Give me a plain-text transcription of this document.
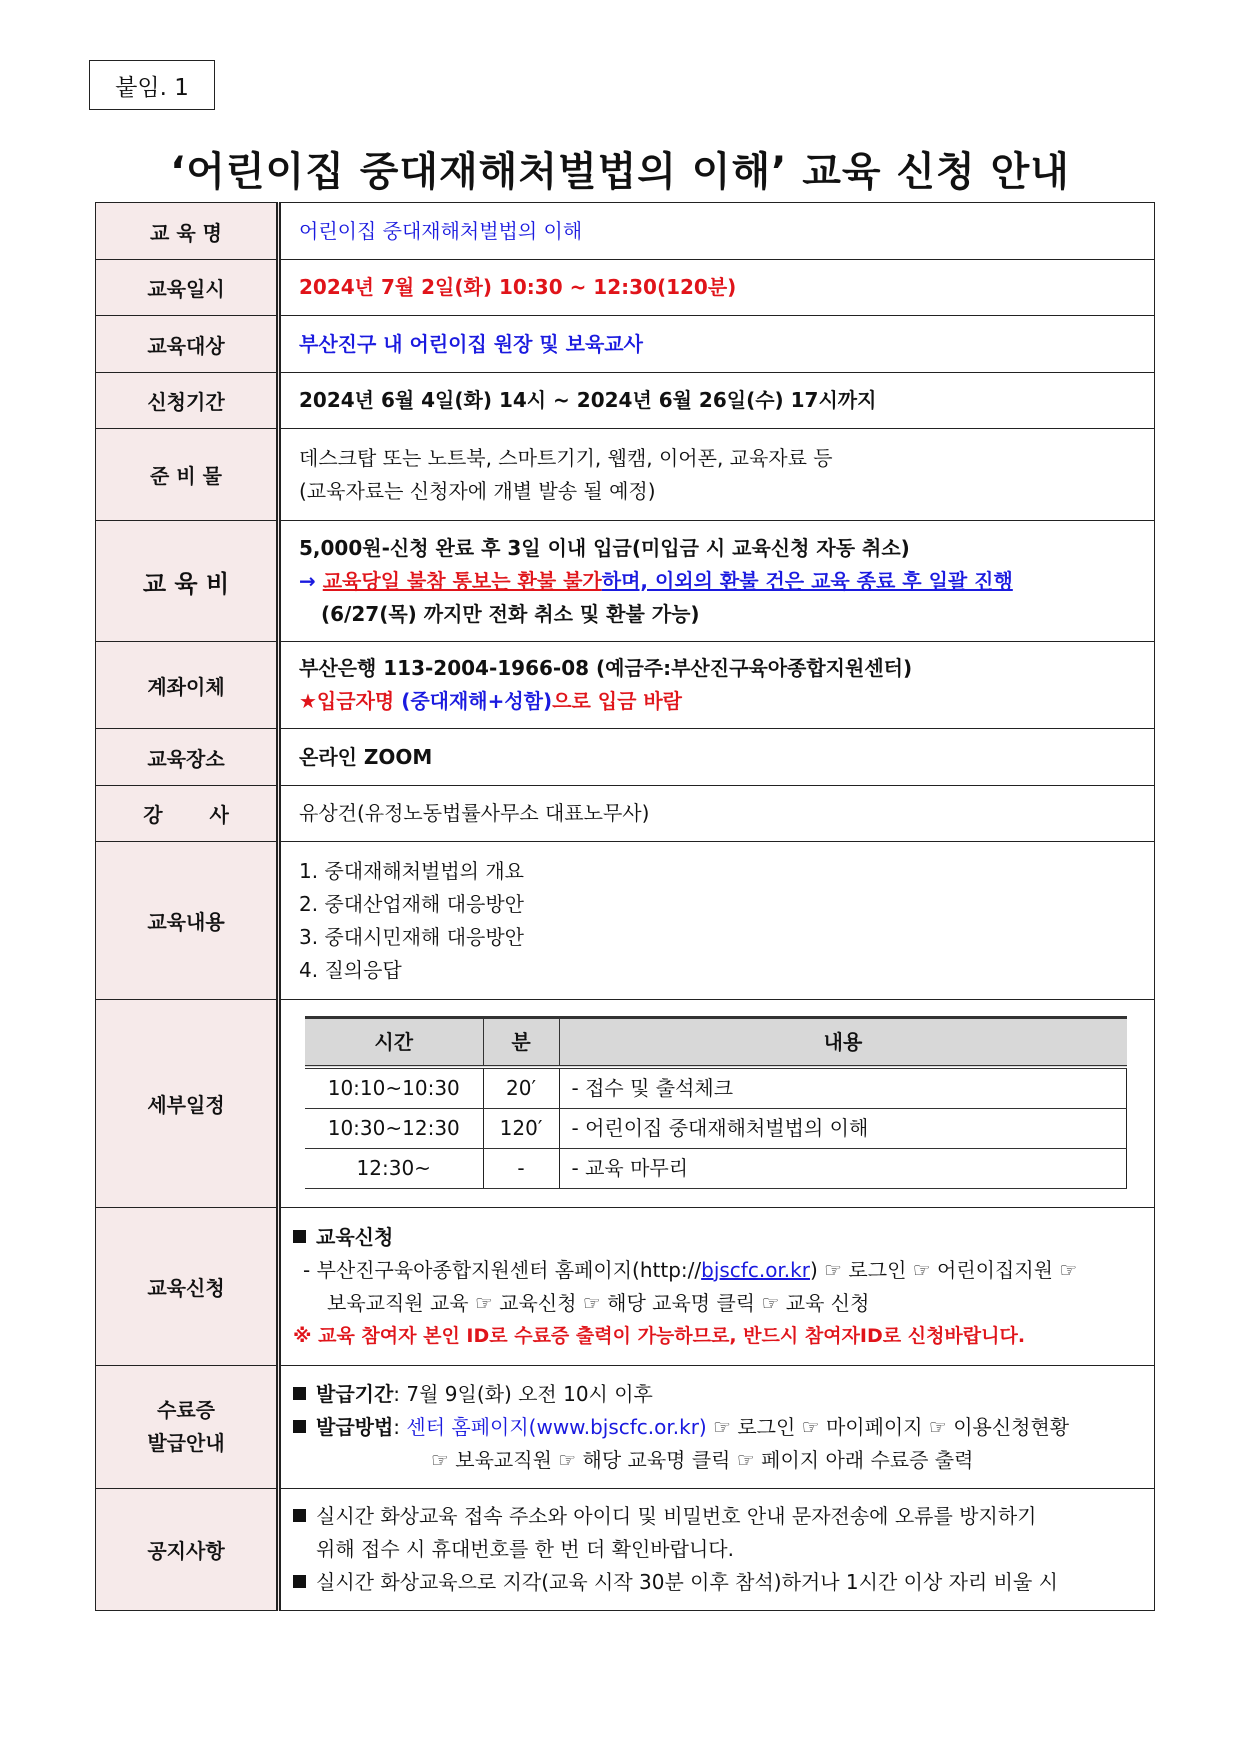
붙임. 1
‘어린이집 중대재해처벌법의 이해’ 교육 신청 안내
교 육 명	어린이집 중대재해처벌법의 이해
교육일시	2024년 7월 2일(화) 10:30 ~ 12:30(120분)
교육대상	부산진구 내 어린이집 원장 및 보육교사
신청기간	2024년 6월 4일(화) 14시 ~ 2024년 6월 26일(수) 17시까지
준 비 물	
데스크탑 또는 노트북, 스마트기기, 웹캠, 이어폰, 교육자료 등
(교육자료는 신청자에 개별 발송 될 예정)

교 육 비	
5,000원-신청 완료 후 3일 이내 입금(미입금 시 교육신청 자동 취소)
→ 교육당일 불참 통보는 환불 불가하며, 이외의 환불 건은 교육 종료 후 일괄 진행
(6/27(목) 까지만 전화 취소 및 환불 가능)

계좌이체	
부산은행 113-2004-1966-08 (예금주:부산진구육아종합지원센터)
★입금자명 (중대재해+성함)으로 입금 바람

교육장소	온라인 ZOOM
강 사	유상건(유정노동법률사무소 대표노무사)
교육내용	
1. 중대재해처벌법의 개요
2. 중대산업재해 대응방안
3. 중대시민재해 대응방안
4. 질의응답

세부일정	
시간	분	내용
10:10~10:30	20′	- 접수 및 출석체크
10:30~12:30	120′	- 어린이집 중대재해처벌법의 이해
12:30~	-	- 교육 마무리

교육신청	
교육신청
- 부산진구육아종합지원센터 홈페이지(http://bjscfc.or.kr) ☞ 로그인 ☞ 어린이집지원 ☞
보육교직원 교육 ☞ 교육신청 ☞ 해당 교육명 클릭 ☞ 교육 신청
※ 교육 참여자 본인 ID로 수료증 출력이 가능하므로, 반드시 참여자ID로 신청바랍니다.

수료증
발급안내

발급기간: 7월 9일(화) 오전 10시 이후
발급방법: 센터 홈페이지(www.bjscfc.or.kr) ☞ 로그인 ☞ 마이페이지 ☞ 이용신청현황
☞ 보육교직원 ☞ 해당 교육명 클릭 ☞ 페이지 아래 수료증 출력

공지사항	
실시간 화상교육 접속 주소와 아이디 및 비밀번호 안내 문자전송에 오류를 방지하기
위해 접수 시 휴대번호를 한 번 더 확인바랍니다.
실시간 화상교육으로 지각(교육 시작 30분 이후 참석)하거나 1시간 이상 자리 비울 시
